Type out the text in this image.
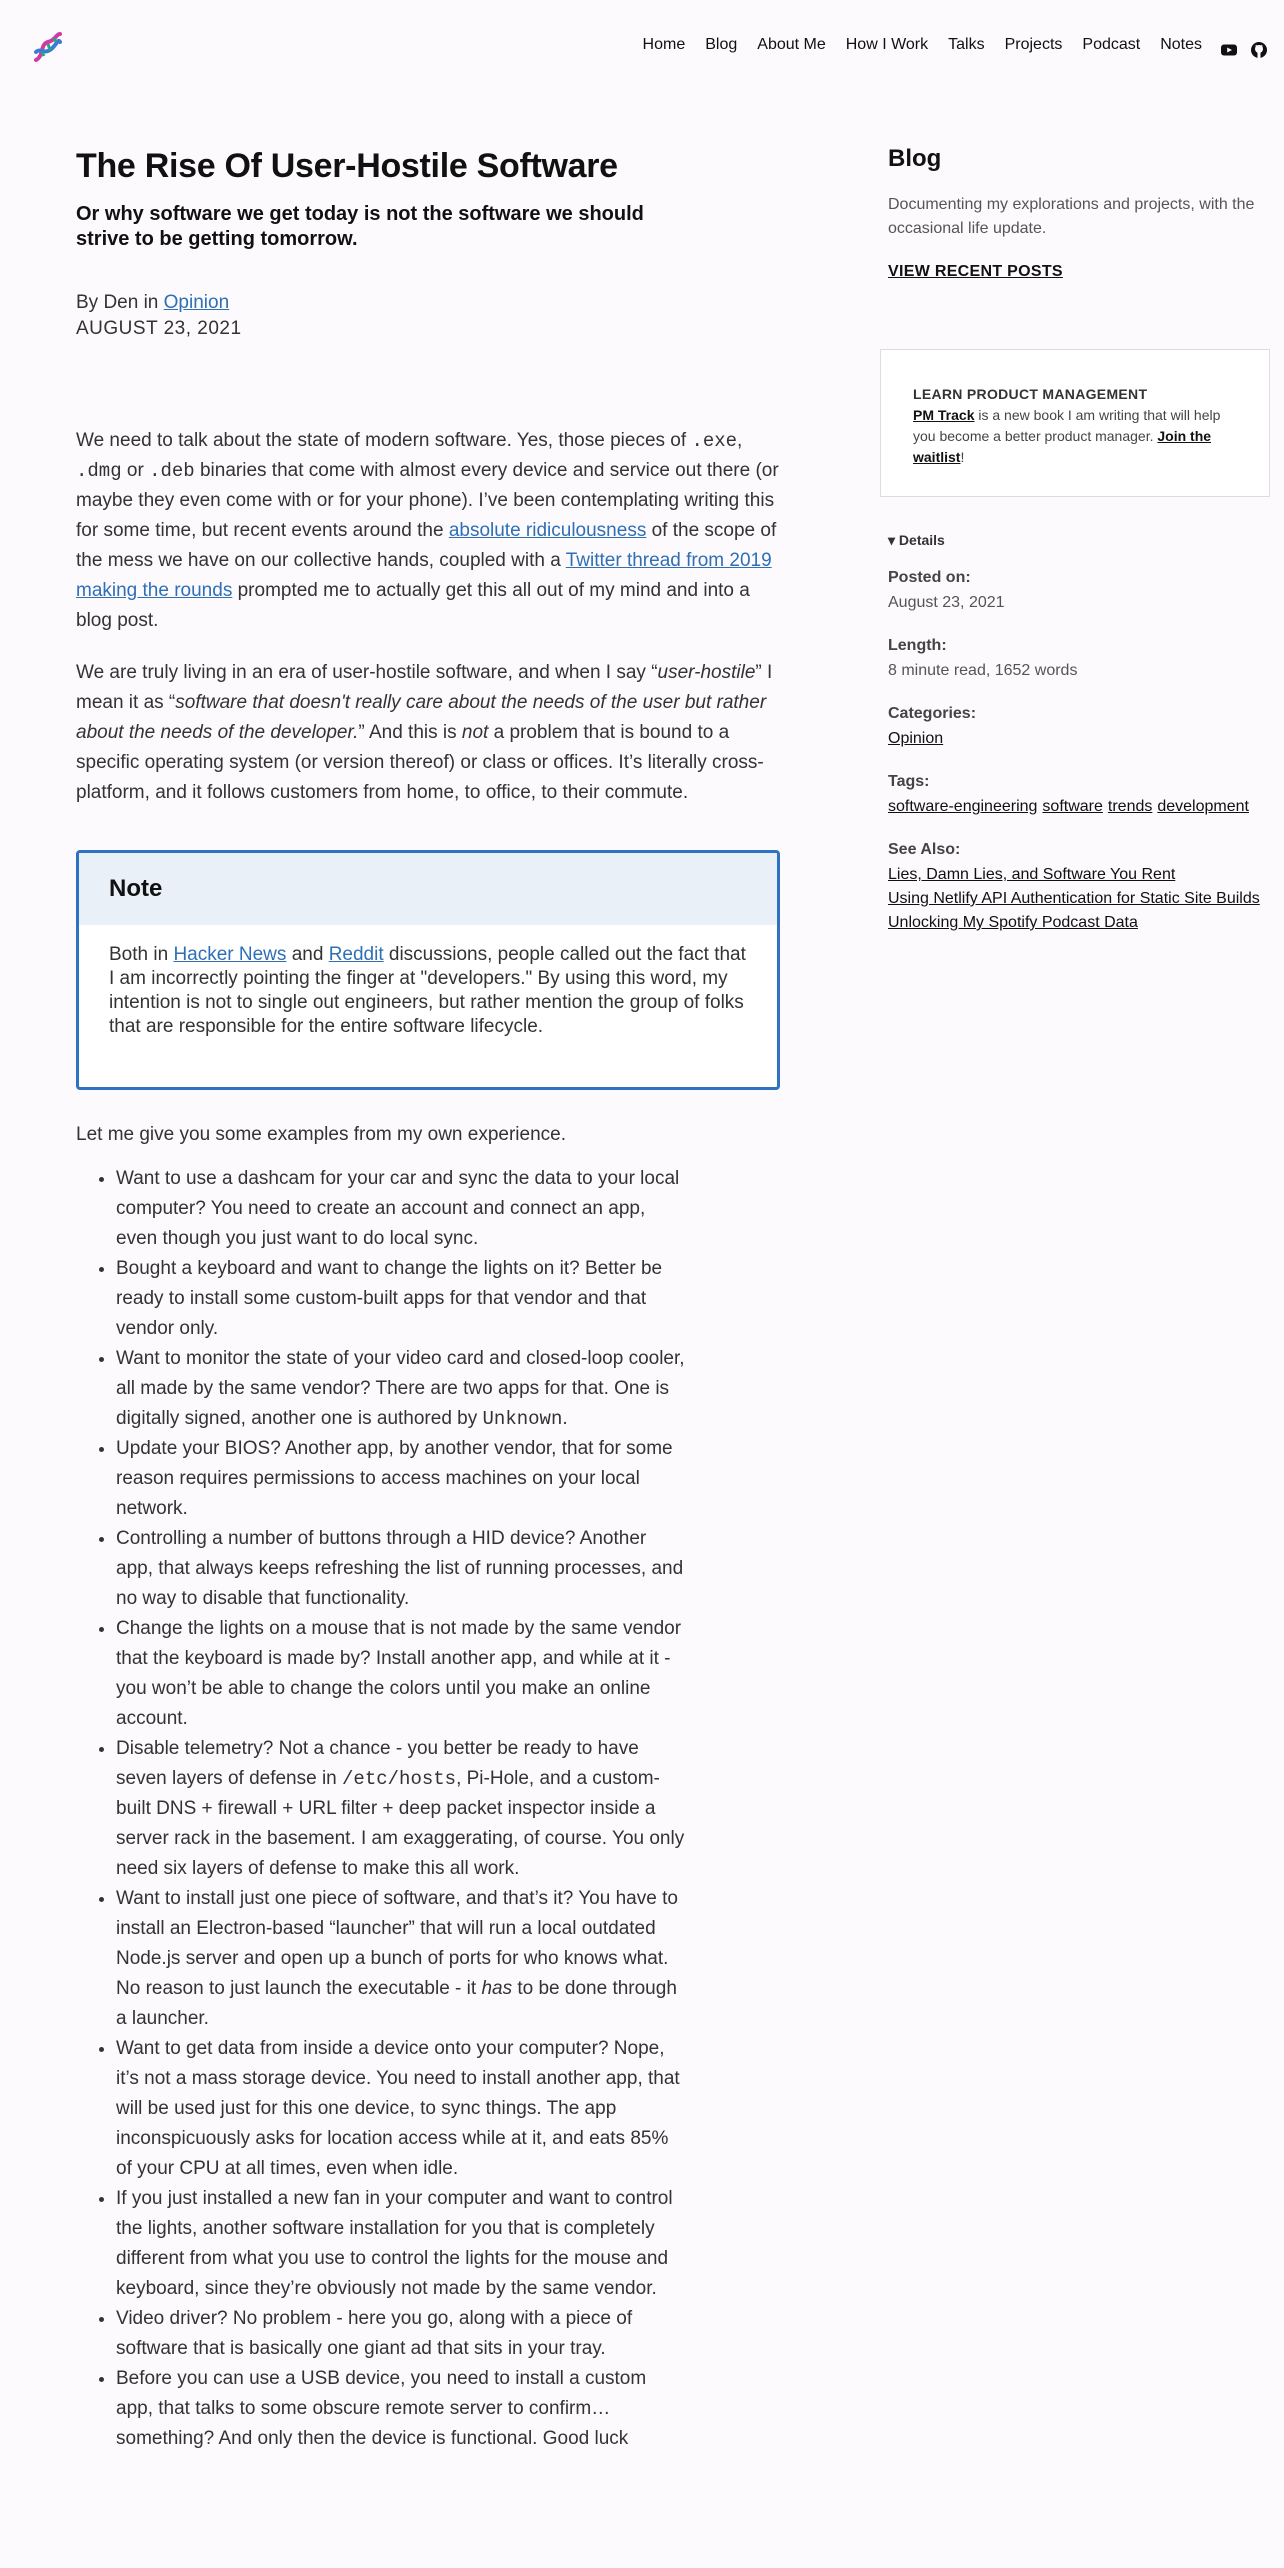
Home Blog About Me How I Work Talks Projects Podcast Notes
The Rise Of User-Hostile Software
Or why software we get today is not the software we should strive to be getting tomorrow.
By Den in Opinion
AUGUST 23, 2021
We need to talk about the state of modern software. Yes, those pieces of .exe, .dmg or .deb binaries that come with almost every device and service out there (or maybe they even come with or for your phone). I’ve been contemplating writing this for some time, but recent events around the absolute ridiculousness of the scope of the mess we have on our collective hands, coupled with a Twitter thread from 2019 making the rounds prompted me to actually get this all out of my mind and into a blog post.
We are truly living in an era of user-hostile software, and when I say “user-hostile” I mean it as “software that doesn't really care about the needs of the user but rather about the needs of the developer.” And this is not a problem that is bound to a specific operating system (or version thereof) or class or offices. It’s literally cross-platform, and it follows customers from home, to office, to their commute.
Note
Both in Hacker News and Reddit discussions, people called out the fact that I am incorrectly pointing the finger at "developers." By using this word, my intention is not to single out engineers, but rather mention the group of folks that are responsible for the entire software lifecycle.
Let me give you some examples from my own experience.
• Want to use a dashcam for your car and sync the data to your local computer? You need to create an account and connect an app, even though you just want to do local sync.
• Bought a keyboard and want to change the lights on it? Better be ready to install some custom-built apps for that vendor and that vendor only.
• Want to monitor the state of your video card and closed-loop cooler, all made by the same vendor? There are two apps for that. One is digitally signed, another one is authored by Unknown.
• Update your BIOS? Another app, by another vendor, that for some reason requires permissions to access machines on your local network.
• Controlling a number of buttons through a HID device? Another app, that always keeps refreshing the list of running processes, and no way to disable that functionality.
• Change the lights on a mouse that is not made by the same vendor that the keyboard is made by? Install another app, and while at it - you won’t be able to change the colors until you make an online account.
• Disable telemetry? Not a chance - you better be ready to have seven layers of defense in /etc/hosts, Pi-Hole, and a custom-built DNS + firewall + URL filter + deep packet inspector inside a server rack in the basement. I am exaggerating, of course. You only need six layers of defense to make this all work.
• Want to install just one piece of software, and that’s it? You have to install an Electron-based “launcher” that will run a local outdated Node.js server and open up a bunch of ports for who knows what. No reason to just launch the executable - it has to be done through a launcher.
• Want to get data from inside a device onto your computer? Nope, it’s not a mass storage device. You need to install another app, that will be used just for this one device, to sync things. The app inconspicuously asks for location access while at it, and eats 85% of your CPU at all times, even when idle.
• If you just installed a new fan in your computer and want to control the lights, another software installation for you that is completely different from what you use to control the lights for the mouse and keyboard, since they’re obviously not made by the same vendor.
• Video driver? No problem - here you go, along with a piece of software that is basically one giant ad that sits in your tray.
• Before you can use a USB device, you need to install a custom app, that talks to some obscure remote server to confirm… something? And only then the device is functional. Good luck
Blog
Documenting my explorations and projects, with the occasional life update.
VIEW RECENT POSTS
LEARN PRODUCT MANAGEMENT
PM Track is a new book I am writing that will help you become a better product manager. Join the waitlist!
▾ Details
Posted on:
August 23, 2021
Length:
8 minute read, 1652 words
Categories:
Opinion
Tags:
software-engineering software trends development
See Also:
Lies, Damn Lies, and Software You Rent
Using Netlify API Authentication for Static Site Builds
Unlocking My Spotify Podcast Data
